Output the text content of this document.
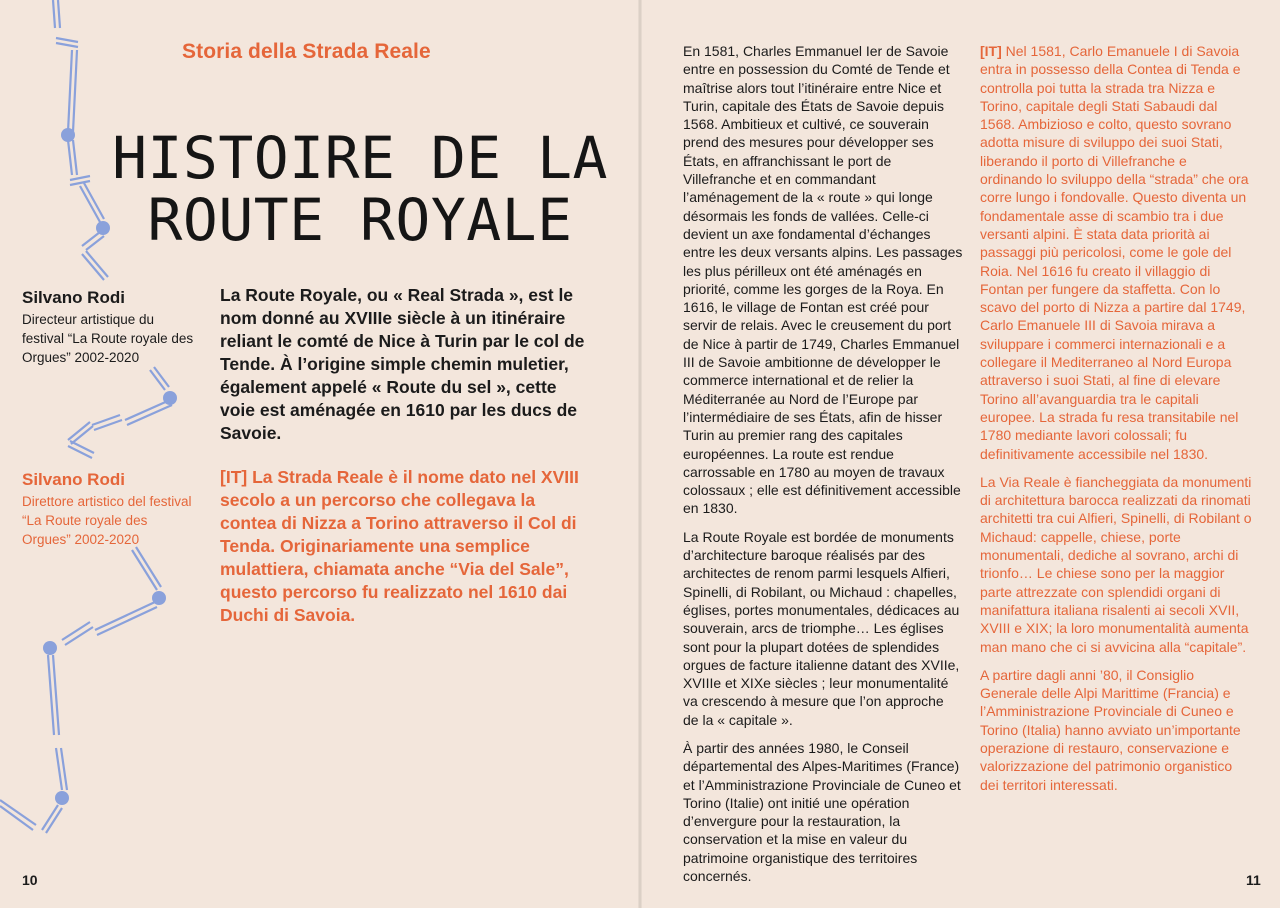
Storia della Strada Reale
HISTOIRE DE LA
ROUTE ROYALE
Silvano Rodi
Directeur artistique du festival “La Route royale des Orgues” 2002-2020
Silvano Rodi
Direttore artistico del festival “La Route royale des Orgues” 2002-2020
La Route Royale, ou « Real Strada », est le nom donné au XVIIIe siècle à un itinéraire reliant le comté de Nice à Turin par le col de Tende. À l’origine simple chemin muletier, également appelé « Route du sel », cette voie est aménagée en 1610 par les ducs de Savoie.
[IT] La Strada Reale è il nome dato nel XVIII secolo a un percorso che collegava la contea di Nizza a Torino attraverso il Col di Tenda. Originariamente una semplice mulattiera, chiamata anche “Via del Sale”, questo percorso fu realizzato nel 1610 dai Duchi di Savoia.
10

En 1581, Charles Emmanuel Ier de Savoie entre en possession du Comté de Tende et maîtrise alors tout l’itinéraire entre Nice et Turin, capitale des États de Savoie depuis 1568. Ambitieux et cultivé, ce souverain prend des mesures pour développer ses États, en affranchissant le port de Villefranche et en commandant l’aménagement de la « route » qui longe désormais les fonds de vallées. Celle-ci devient un axe fondamental d’échanges entre les deux versants alpins. Les passages les plus périlleux ont été aménagés en priorité, comme les gorges de la Roya. En 1616, le village de Fontan est créé pour servir de relais. Avec le creusement du port de Nice à partir de 1749, Charles Emmanuel III de Savoie ambitionne de développer le commerce international et de relier la Méditerranée au Nord de l’Europe par l’intermédiaire de ses États, afin de hisser Turin au premier rang des capitales européennes. La route est rendue carrossable en 1780 au moyen de travaux colossaux ; elle est définitivement accessible en 1830.

La Route Royale est bordée de monuments d’architecture baroque réalisés par des architectes de renom parmi lesquels Alfieri, Spinelli, di Robilant, ou Michaud : chapelles, églises, portes monumentales, dédicaces au souverain, arcs de triomphe… Les églises sont pour la plupart dotées de splendides orgues de facture italienne datant des XVIIe, XVIIIe et XIXe siècles ; leur monumentalité va crescendo à mesure que l’on approche de la « capitale ».

À partir des années 1980, le Conseil départemental des Alpes-Maritimes (France) et l’Amministrazione Provinciale de Cuneo et Torino (Italie) ont initié une opération d’envergure pour la restauration, la conservation et la mise en valeur du patrimoine organistique des territoires concernés.

[IT] Nel 1581, Carlo Emanuele I di Savoia entra in possesso della Contea di Tenda e controlla poi tutta la strada tra Nizza e Torino, capitale degli Stati Sabaudi dal 1568. Ambizioso e colto, questo sovrano adotta misure di sviluppo dei suoi Stati, liberando il porto di Villefranche e ordinando lo sviluppo della “strada” che ora corre lungo i fondovalle. Questo diventa un fondamentale asse di scambio tra i due versanti alpini. È stata data priorità ai passaggi più pericolosi, come le gole del Roia. Nel 1616 fu creato il villaggio di Fontan per fungere da staffetta. Con lo scavo del porto di Nizza a partire dal 1749, Carlo Emanuele III di Savoia mirava a sviluppare i commerci internazionali e a collegare il Mediterraneo al Nord Europa attraverso i suoi Stati, al fine di elevare Torino all’avanguardia tra le capitali europee. La strada fu resa transitabile nel 1780 mediante lavori colossali; fu definitivamente accessibile nel 1830.

La Via Reale è fiancheggiata da monumenti di architettura barocca realizzati da rinomati architetti tra cui Alfieri, Spinelli, di Robilant o Michaud: cappelle, chiese, porte monumentali, dediche al sovrano, archi di trionfo… Le chiese sono per la maggior parte attrezzate con splendidi organi di manifattura italiana risalenti ai secoli XVII, XVIII e XIX; la loro monumentalità aumenta man mano che ci si avvicina alla “capitale”.

A partire dagli anni ’80, il Consiglio Generale delle Alpi Marittime (Francia) e l’Amministrazione Provinciale di Cuneo e Torino (Italia) hanno avviato un’importante operazione di restauro, conservazione e valorizzazione del patrimonio organistico dei territori interessati.

11
